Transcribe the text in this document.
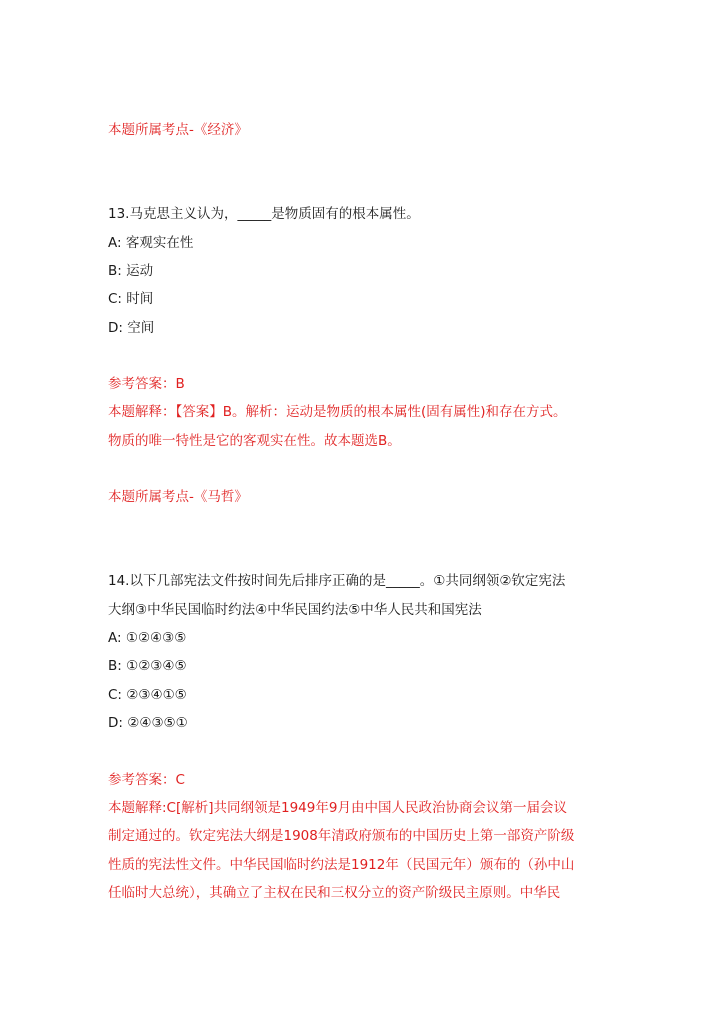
本题所属考点-《经济》
13.马克思主义认为，_____是物质固有的根本属性。
A: 客观实在性
B: 运动
C: 时间
D: 空间
参考答案：B
本题解释：【答案】B。解析：运动是物质的根本属性(固有属性)和存在方式。
物质的唯一特性是它的客观实在性。故本题选B。
本题所属考点-《马哲》
14.以下几部宪法文件按时间先后排序正确的是_____。①共同纲领②钦定宪法
大纲③中华民国临时约法④中华民国约法⑤中华人民共和国宪法
A: ①②④③⑤
B: ①②③④⑤
C: ②③④①⑤
D: ②④③⑤①
参考答案：C
本题解释:C[解析]共同纲领是1949年9月由中国人民政治协商会议第一届会议
制定通过的。钦定宪法大纲是1908年清政府颁布的中国历史上第一部资产阶级
性质的宪法性文件。中华民国临时约法是1912年（民国元年）颁布的（孙中山
任临时大总统），其确立了主权在民和三权分立的资产阶级民主原则。中华民
